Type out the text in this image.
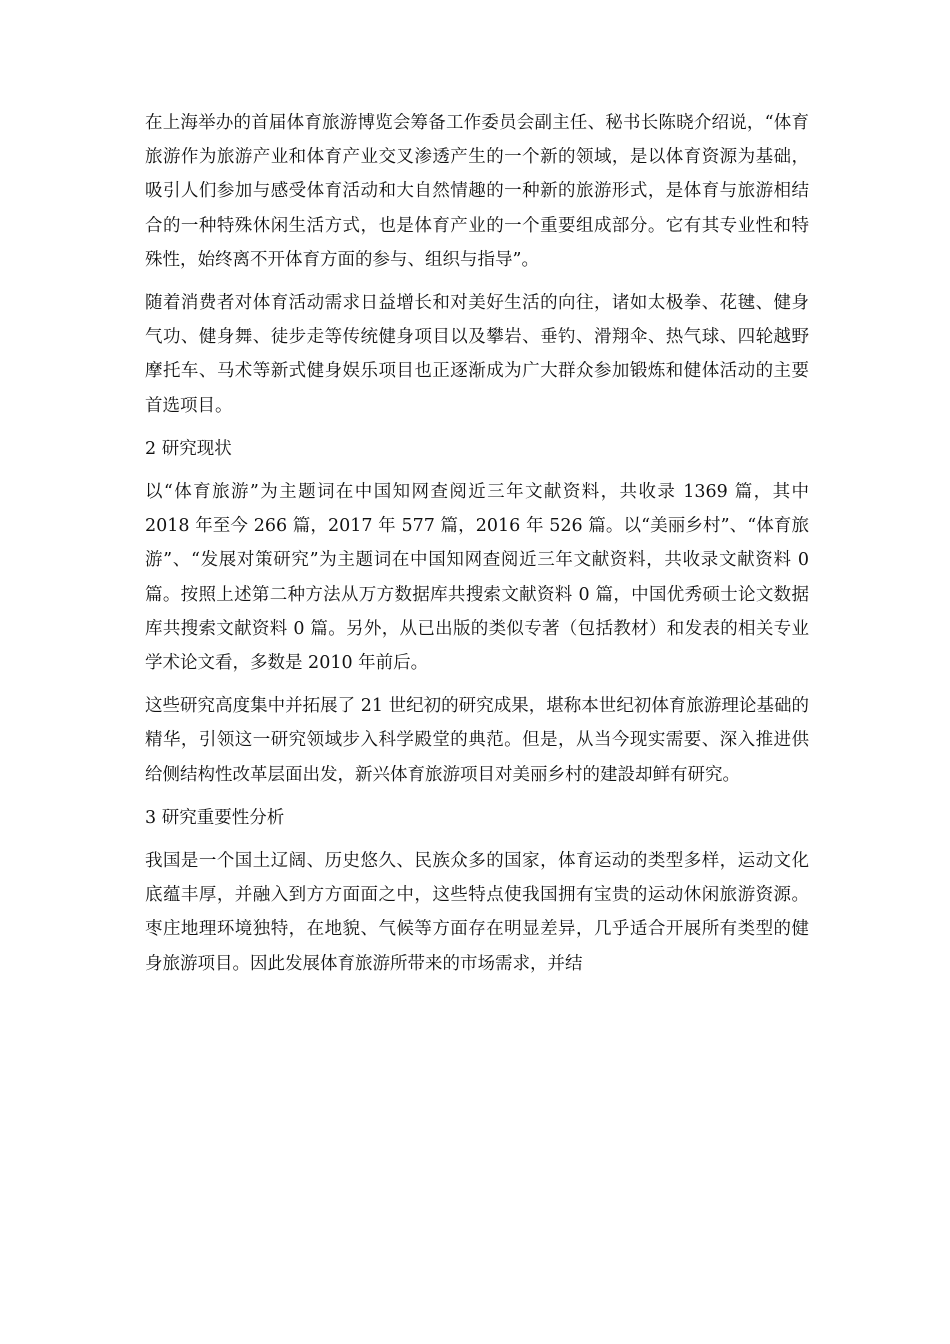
在上海举办的首届体育旅游博览会筹备工作委员会副主任、秘书长陈晓介绍说，“体育旅游作为旅游产业和体育产业交叉渗透产生的一个新的领域，是以体育资源为基础，吸引人们参加与感受体育活动和大自然情趣的一种新的旅游形式，是体育与旅游相结合的一种特殊休闲生活方式，也是体育产业的一个重要组成部分。它有其专业性和特殊性，始终离不开体育方面的参与、组织与指导”。

随着消费者对体育活动需求日益增长和对美好生活的向往，诸如太极拳、花毽、健身气功、健身舞、徒步走等传统健身项目以及攀岩、垂钓、滑翔伞、热气球、四轮越野摩托车、马术等新式健身娱乐项目也正逐渐成为广大群众参加锻炼和健体活动的主要首选项目。

2 研究现状

以“体育旅游”为主题词在中国知网查阅近三年文献资料，共收录 1369 篇，其中 2018 年至今 266 篇，2017 年 577 篇，2016 年 526 篇。以“美丽乡村”、“体育旅游”、“发展对策研究”为主题词在中国知网查阅近三年文献资料，共收录文献资料 0 篇。按照上述第二种方法从万方数据库共搜索文献资料 0 篇，中国优秀硕士论文数据库共搜索文献资料 0 篇。另外，从已出版的类似专著（包括教材）和发表的相关专业学术论文看，多数是 2010 年前后。

这些研究高度集中并拓展了 21 世纪初的研究成果，堪称本世纪初体育旅游理论基础的精华，引领这一研究领域步入科学殿堂的典范。但是，从当今现实需要、深入推进供给侧结构性改革层面出发，新兴体育旅游项目对美丽乡村的建設却鲜有研究。

3 研究重要性分析

我国是一个国土辽阔、历史悠久、民族众多的国家，体育运动的类型多样，运动文化底蕴丰厚，并融入到方方面面之中，这些特点使我国拥有宝贵的运动休闲旅游资源。枣庄地理环境独特，在地貌、气候等方面存在明显差异，几乎适合开展所有类型的健身旅游项目。因此发展体育旅游所带来的市场需求，并结
